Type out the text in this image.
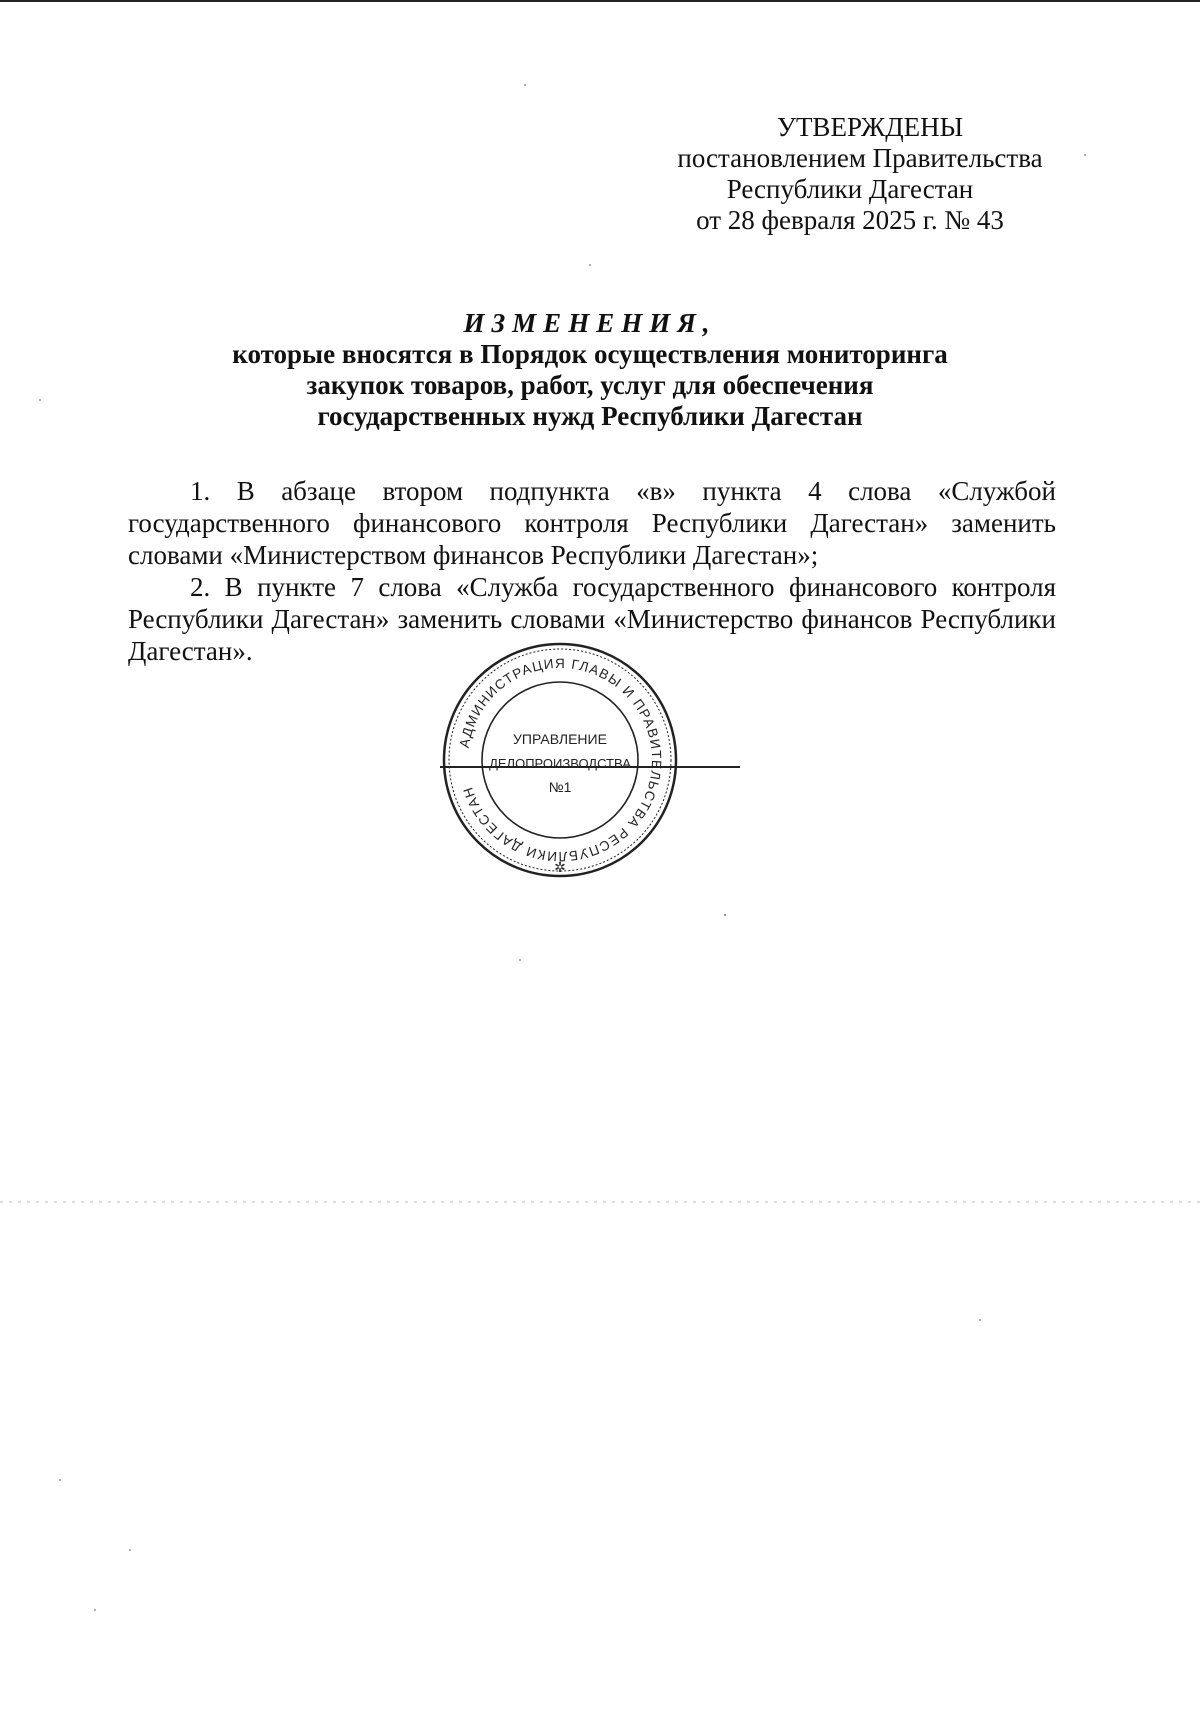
УТВЕРЖДЕНЫ
постановлением Правительства
Республики Дагестан
от 28 февраля 2025 г. № 43
ИЗМЕНЕНИЯ,
которые вносятся в Порядок осуществления мониторинга
закупок товаров, работ, услуг для обеспечения
государственных нужд Республики Дагестан

1. В абзаце втором подпункта «в» пункта 4 слова «Службой государственного финансового контроля Республики Дагестан» заменить словами «Министерством финансов Республики Дагестан»;

2. В пункте 7 слова «Служба государственного финансового контроля Республики Дагестан» заменить словами «Министерство финансов Республики Дагестан».

АДМИНИСТРАЦИЯ ГЛАВЫ И ПРАВИТЕЛЬСТВА РЕСПУБЛИКИ ДАГЕСТАН
✲
УПРАВЛЕНИЕ
ДЕЛОПРОИЗВОДСТВА
№1
